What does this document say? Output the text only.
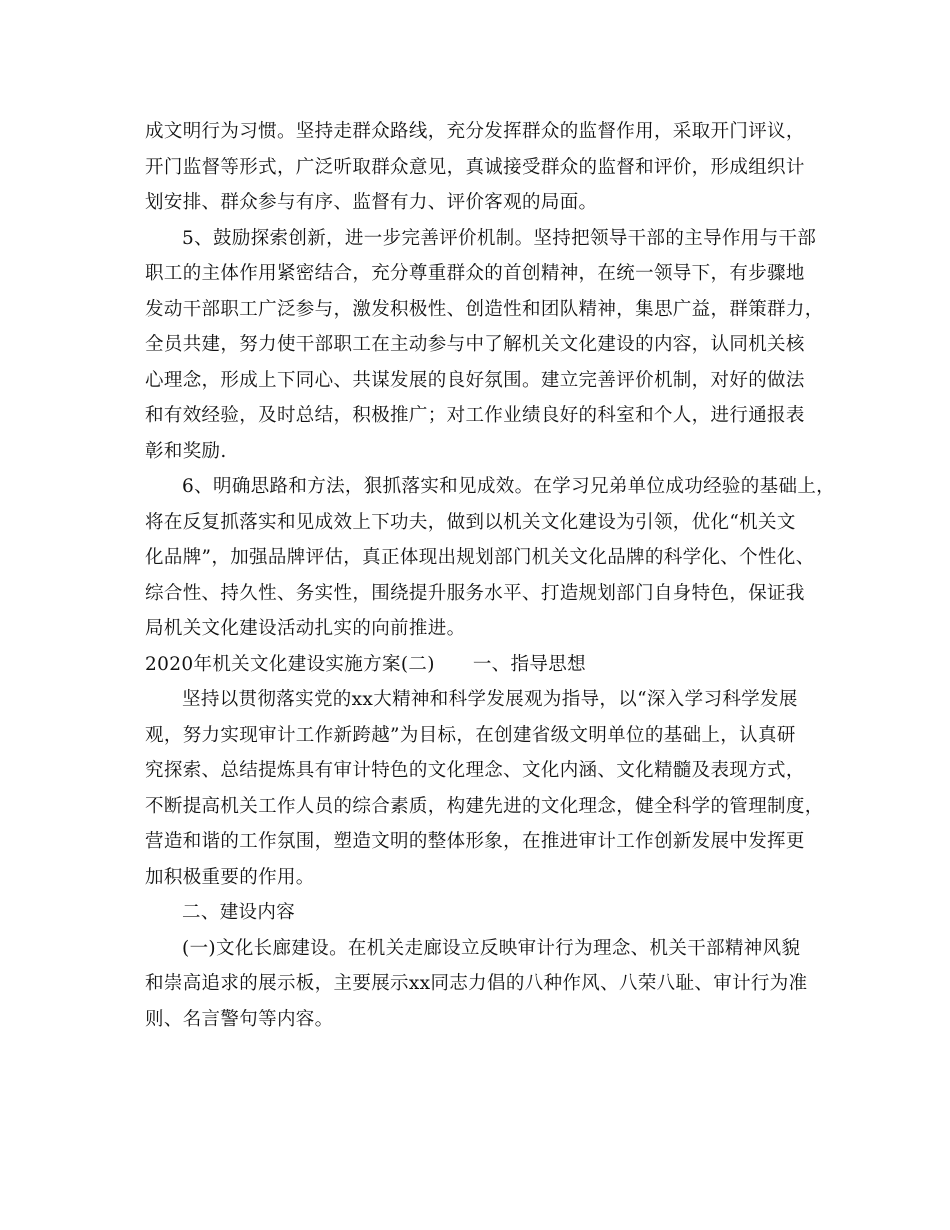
成文明行为习惯。坚持走群众路线，充分发挥群众的监督作用，采取开门评议，
开门监督等形式，广泛听取群众意见，真诚接受群众的监督和评价，形成组织计
划安排、群众参与有序、监督有力、评价客观的局面。
5、鼓励探索创新，进一步完善评价机制。坚持把领导干部的主导作用与干部
职工的主体作用紧密结合，充分尊重群众的首创精神，在统一领导下，有步骤地
发动干部职工广泛参与，激发积极性、创造性和团队精神，集思广益，群策群力，
全员共建，努力使干部职工在主动参与中了解机关文化建设的内容，认同机关核
心理念，形成上下同心、共谋发展的良好氛围。建立完善评价机制，对好的做法
和有效经验，及时总结，积极推广；对工作业绩良好的科室和个人，进行通报表
彰和奖励.
6、明确思路和方法，狠抓落实和见成效。在学习兄弟单位成功经验的基础上，
将在反复抓落实和见成效上下功夫，做到以机关文化建设为引领，优化“机关文
化品牌”，加强品牌评估，真正体现出规划部门机关文化品牌的科学化、个性化、
综合性、持久性、务实性，围绕提升服务水平、打造规划部门自身特色，保证我
局机关文化建设活动扎实的向前推进。
2020年机关文化建设实施方案(二) 一、指导思想
坚持以贯彻落实党的xx大精神和科学发展观为指导，以“深入学习科学发展
观，努力实现审计工作新跨越”为目标，在创建省级文明单位的基础上，认真研
究探索、总结提炼具有审计特色的文化理念、文化内涵、文化精髓及表现方式，
不断提高机关工作人员的综合素质，构建先进的文化理念，健全科学的管理制度，
营造和谐的工作氛围，塑造文明的整体形象，在推进审计工作创新发展中发挥更
加积极重要的作用。
二、建设内容
(一)文化长廊建设。在机关走廊设立反映审计行为理念、机关干部精神风貌
和崇高追求的展示板，主要展示xx同志力倡的八种作风、八荣八耻、审计行为准
则、名言警句等内容。
